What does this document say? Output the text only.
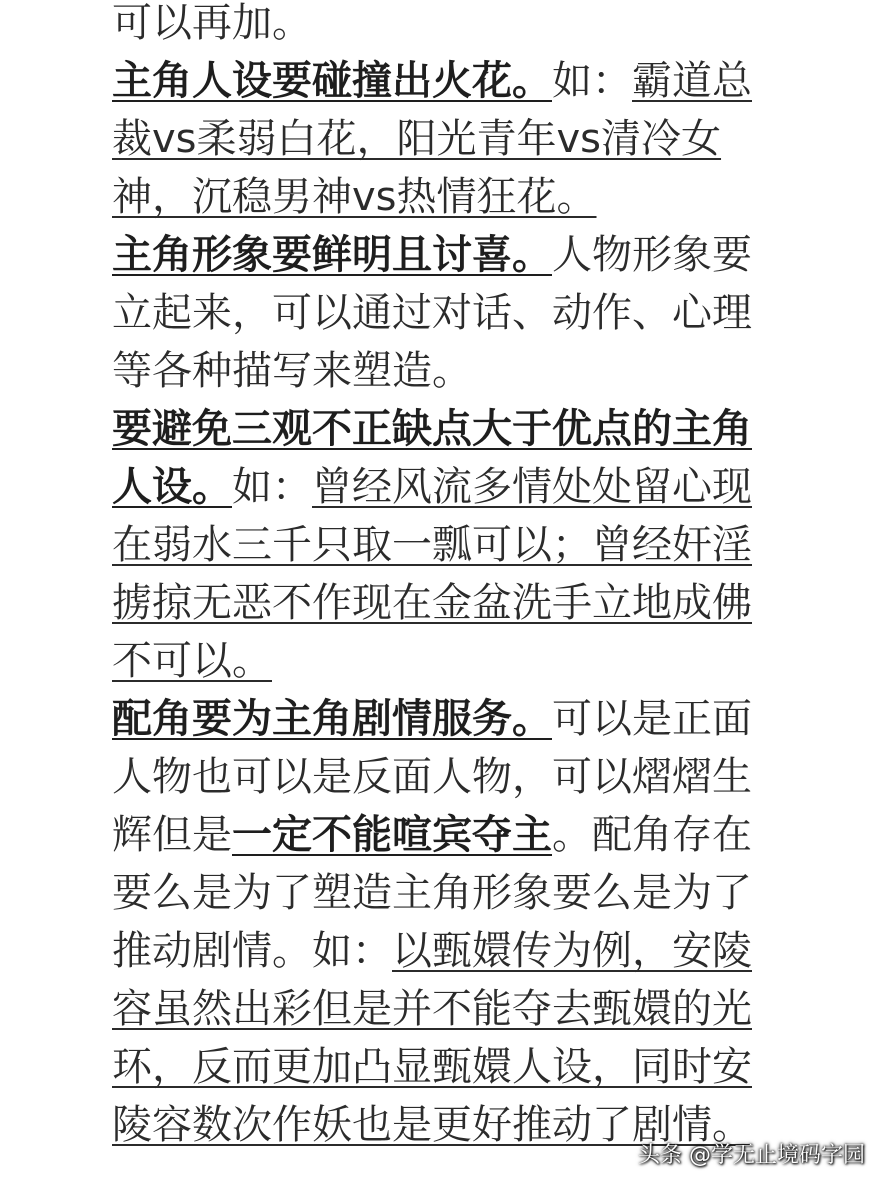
可以再加。
主角人设要碰撞出火花。如：霸道总
裁vs柔弱白花，阳光青年vs清冷女
神，沉稳男神vs热情狂花。
主角形象要鲜明且讨喜。人物形象要
立起来，可以通过对话、动作、心理
等各种描写来塑造。
要避免三观不正缺点大于优点的主角
人设。如：曾经风流多情处处留心现
在弱水三千只取一瓢可以；曾经奸淫
掳掠无恶不作现在金盆洗手立地成佛
不可以。
配角要为主角剧情服务。可以是正面
人物也可以是反面人物，可以熠熠生
辉但是一定不能喧宾夺主。配角存在
要么是为了塑造主角形象要么是为了
推动剧情。如：以甄嬛传为例，安陵
容虽然出彩但是并不能夺去甄嬛的光
环，反而更加凸显甄嬛人设，同时安
陵容数次作妖也是更好推动了剧情。
头条 @学无止境码字园
